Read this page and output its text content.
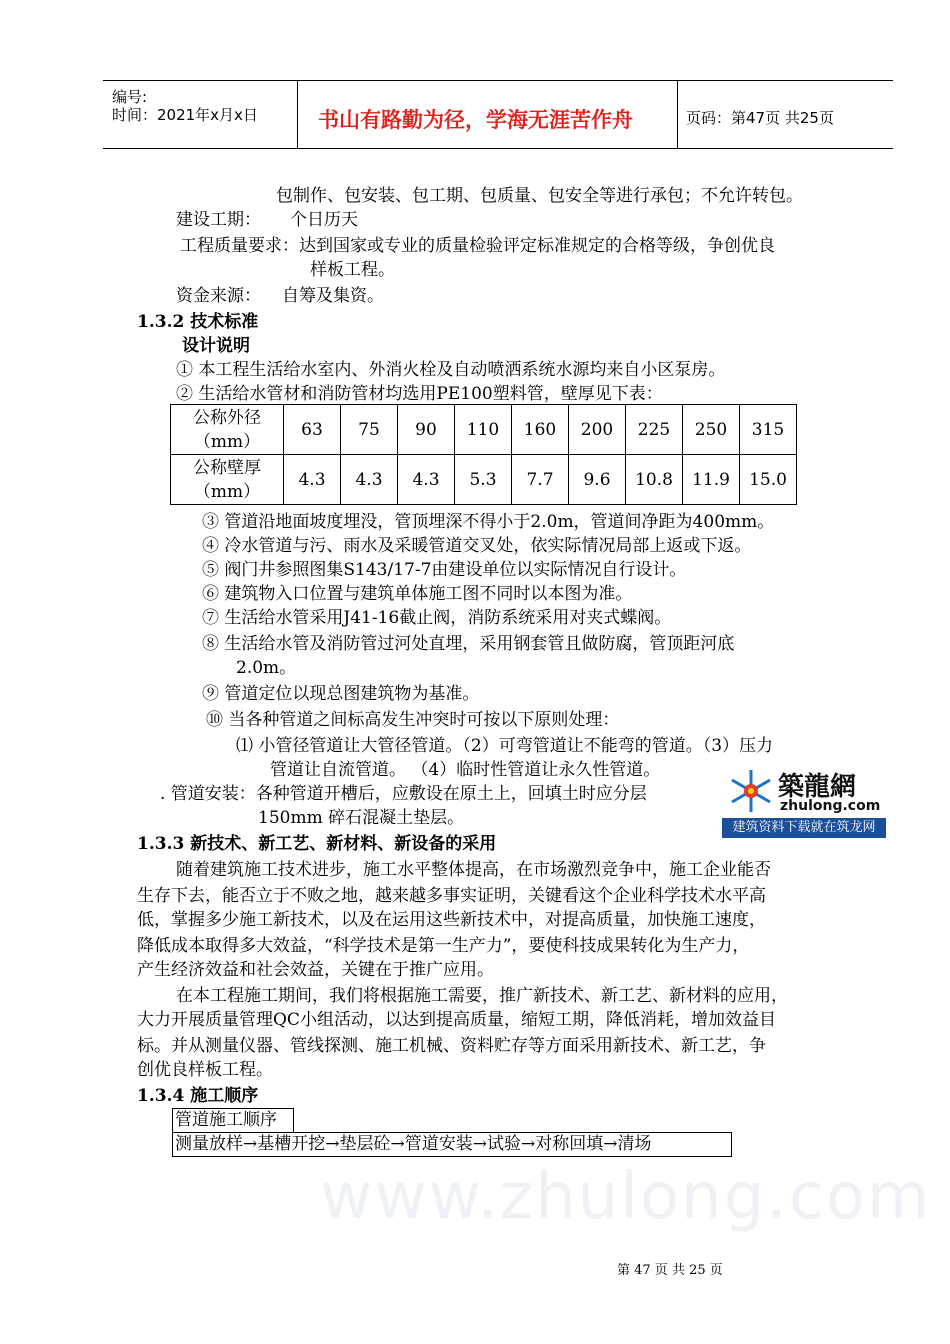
编号:
时间：2021年x月x日	书山有路勤为径，学海无涯苦作舟	页码：第47页 共25页
包制作、包安装、包工期、包质量、包安全等进行承包；不允许转包。
建设工期： 个日历天
工程质量要求：达到国家或专业的质量检验评定标准规定的合格等级，争创优良
样板工程。
资金来源： 自筹及集资。
1.3.2 技术标准
设计说明
① 本工程生活给水室内、外消火栓及自动喷洒系统水源均来自小区泵房。
② 生活给水管材和消防管材均选用PE100塑料管，壁厚见下表：
公称外径
（mm）	63	75	90	110	160	200	225	250	315

公称壁厚
（mm）	4.3	4.3	4.3	5.3	7.7	9.6	10.8	11.9	15.0
③ 管道沿地面坡度埋没，管顶埋深不得小于2.0m，管道间净距为400mm。
④ 冷水管道与污、雨水及采暖管道交叉处，依实际情况局部上返或下返。
⑤ 阀门井参照图集S143/17-7由建设单位以实际情况自行设计。
⑥ 建筑物入口位置与建筑单体施工图不同时以本图为准。
⑦ 生活给水管采用J41-16截止阀，消防系统采用对夹式蝶阀。
⑧ 生活给水管及消防管过河处直埋，采用钢套管且做防腐，管顶距河底
2.0m。
⑨ 管道定位以现总图建筑物为基准。
⑩ 当各种管道之间标高发生冲突时可按以下原则处理：
⑴ 小管径管道让大管径管道。（2）可弯管道让不能弯的管道。（3）压力
管道让自流管道。 （4）临时性管道让永久性管道。
. 管道安装：各种管道开槽后，应敷设在原土上，回填土时应分层
150mm 碎石混凝土垫层。
築龍網
zhulong.com
建筑资料下载就在筑龙网
1.3.3 新技术、新工艺、新材料、新设备的采用
随着建筑施工技术进步，施工水平整体提高，在市场激烈竞争中，施工企业能否
生存下去，能否立于不败之地，越来越多事实证明，关键看这个企业科学技术水平高
低，掌握多少施工新技术，以及在运用这些新技术中，对提高质量，加快施工速度，
降低成本取得多大效益，“科学技术是第一生产力”，要使科技成果转化为生产力，
产生经济效益和社会效益，关键在于推广应用。
在本工程施工期间，我们将根据施工需要，推广新技术、新工艺、新材料的应用，
大力开展质量管理QC小组活动，以达到提高质量，缩短工期，降低消耗，增加效益目
标。并从测量仪器、管线探测、施工机械、资料贮存等方面采用新技术、新工艺，争
创优良样板工程。
1.3.4 施工顺序
管道施工顺序
测量放样→基槽开挖→垫层砼→管道安装→试验→对称回填→清场
www.zhulong.com
第 47 页 共 25 页
